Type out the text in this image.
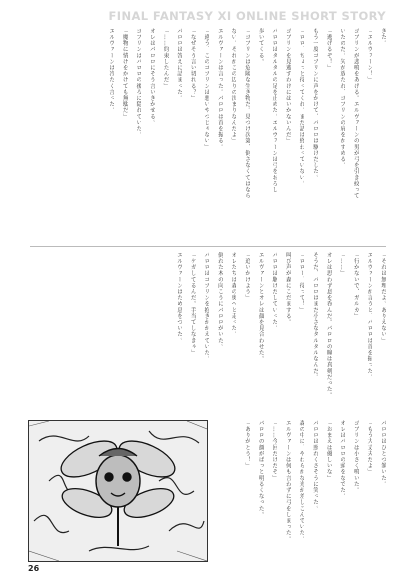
FINAL FANTASY XI ONLINE SHORT STORY
きた。
「エルヴァーン！」
ゴブリンが悲鳴をあげる。エルヴァーンの男が弓を引き絞って
いたのだ。矢が放たれ、ゴブリンの肩をかすめる。
「逃げるぞ！」
もう一度ゴブリンに声をかけて、パロロは駆けだした。
「ロロ、ちょっと待ってくれ。まだ話は終わっていない。
ゴブリンを見逃すわけにはいかないんだ」
パロロはタルタルの足を止めた。エルヴァーンは弓をおろし
歩いてくる。
「ゴブリンは危険な生き物だ。見つけ次第、倒さなくてはなら
ない。それがこの辺りの決まりなんだよ」
エルヴァーンは言った。パロロは首を振る。
「違う、このゴブリンは悪いやつじゃない」
「なぜそう言い切れる？」
パロロは答えに詰まった。
「……約束したんだ」
オレはパロロにそう言いきかせる。
ゴブリンはパロロの後ろに隠れていた。
「魔物に情けをかけても無駄だ」
エルヴァーンは冷たく言った。
「それは無理だよ。ありえない」
エルヴァーンが言うと、パロロは首を振った。
「行かないで、ガルカ」
「……」
オレは思わず息を呑んだ。パロロの瞳は真剣だった。
そうだ、パロロはまだ小さなタルタルなんだ。
「ロロー、待って！」
叫び声が森にこだまする。
パロロは駆けだしていった。
エルヴァーンとオレは顔を見合わせた。
「追いかけよう」
オレたちは森の奥へと走った。
倒れた木の向こうにパロロがいた。
パロロはゴブリンを抱きかかえていた。
「ケガしてるんだ。手当てしなきゃ」
エルヴァーンはため息をついた。
パロロはひとつ頷いた。
「もう大丈夫だよ」
ゴブリンは小さく鳴いた。
オレはパロロの頭をなでた。
「おまえは優しいな」
パロロは照れくさそうに笑った。
森の中に、やわらかな光が差しこんでいた。
エルヴァーンは何も言わずに弓をしまった。
「……今回だけだぞ」
パロロの顔がぱっと明るくなった。
「ありがとう！」
26
